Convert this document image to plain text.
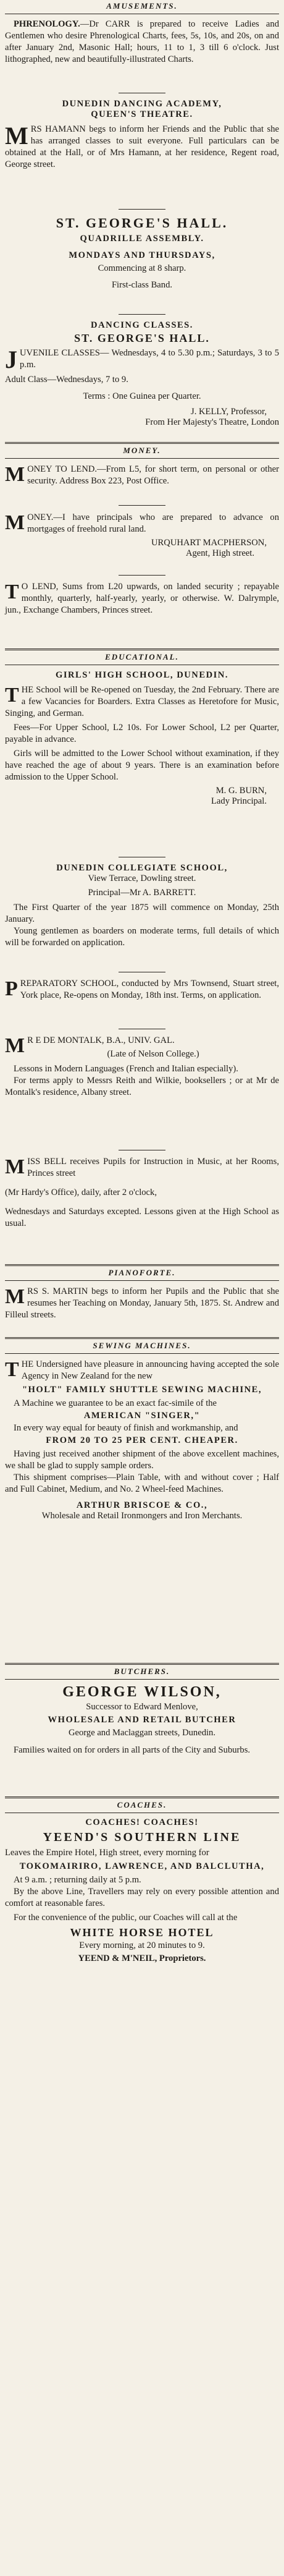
AMUSEMENTS.

PHRENOLOGY.—Dr CARR is prepared to receive Ladies and Gentlemen who desire Phrenological Charts, fees, 5s, 10s, and 20s, on and after January 2nd, Masonic Hall; hours, 11 to 1, 3 till 6 o'clock. Just lithographed, new and beautifully-illustrated Charts.

DUNEDIN DANCING ACADEMY,
QUEEN'S THEATRE.

MRS HAMANN begs to inform her Friends and the Public that she has arranged classes to suit everyone. Full particulars can be obtained at the Hall, or of Mrs Hamann, at her residence, Regent road, George street.

ST. GEORGE'S HALL.
QUADRILLE ASSEMBLY.
MONDAYS AND THURSDAYS,
Commencing at 8 sharp.
First-class Band.
DANCING CLASSES.
ST. GEORGE'S HALL.

JUVENILE CLASSES— Wednesdays, 4 to 5.30 p.m.; Saturdays, 3 to 5 p.m.

Adult Class—Wednesdays, 7 to 9.
Terms : One Guinea per Quarter.
J. KELLY, Professor,
From Her Majesty's Theatre, London
MONEY.

MONEY TO LEND.—From L5, for short term, on personal or other security. Address Box 223, Post Office.

MONEY.—I have principals who are prepared to advance on mortgages of freehold rural land.

URQUHART MACPHERSON,
Agent, High street.

T O LEND, Sums from L20 upwards, on landed security ; repayable monthly, quarterly, half-yearly, yearly, or otherwise. W. Dalrymple, jun., Exchange Chambers, Princes street.

EDUCATIONAL.
GIRLS' HIGH SCHOOL, DUNEDIN.

THE School will be Re-opened on Tuesday, the 2nd February. There are a few Vacancies for Boarders. Extra Classes as Heretofore for Music, Singing, and German.

Fees—For Upper School, L2 10s. For Lower School, L2 per Quarter, payable in advance.

Girls will be admitted to the Lower School without examination, if they have reached the age of about 9 years. There is an examination before admission to the Upper School.

M. G. BURN,
Lady Principal.
DUNEDIN COLLEGIATE SCHOOL,
View Terrace, Dowling street.
Principal—Mr A. BARRETT.

The First Quarter of the year 1875 will commence on Monday, 25th January.

Young gentlemen as boarders on moderate terms, full details of which will be forwarded on application.

PREPARATORY SCHOOL, conducted by Mrs Townsend, Stuart street, York place, Re-opens on Monday, 18th inst. Terms, on application.

M R E DE MONTALK, B.A., UNIV. GAL.

(Late of Nelson College.)

Lessons in Modern Languages (French and Italian especially).

For terms apply to Messrs Reith and Wilkie, booksellers ; or at Mr de Montalk's residence, Albany street.

MISS BELL receives Pupils for Instruction in Music, at her Rooms, Princes street

(Mr Hardy's Office), daily, after 2 o'clock,

Wednesdays and Saturdays excepted. Lessons given at the High School as usual.

PIANOFORTE.

MRS S. MARTIN begs to inform her Pupils and the Public that she resumes her Teaching on Monday, January 5th, 1875. St. Andrew and Filleul streets.

SEWING MACHINES.

THE Undersigned have pleasure in announcing having accepted the sole Agency in New Zealand for the new

"HOLT" FAMILY SHUTTLE SEWING MACHINE,

A Machine we guarantee to be an exact fac-simile of the

AMERICAN "SINGER,"

In every way equal for beauty of finish and workmanship, and

FROM 20 TO 25 PER CENT. CHEAPER.

Having just received another shipment of the above excellent machines, we shall be glad to supply sample orders.

This shipment comprises—Plain Table, with and without cover ; Half and Full Cabinet, Medium, and No. 2 Wheel-feed Machines.

ARTHUR BRISCOE & CO.,
Wholesale and Retail Ironmongers and Iron Merchants.
BUTCHERS.
GEORGE WILSON,
Successor to Edward Menlove,
WHOLESALE AND RETAIL BUTCHER
George and Maclaggan streets, Dunedin.

Families waited on for orders in all parts of the City and Suburbs.

COACHES.
COACHES! COACHES!
YEEND'S SOUTHERN LINE

Leaves the Empire Hotel, High street, every morning for

TOKOMAIRIRO, LAWRENCE, AND BALCLUTHA,

At 9 a.m. ; returning daily at 5 p.m.

By the above Line, Travellers may rely on every possible attention and comfort at reasonable fares.

For the convenience of the public, our Coaches will call at the

WHITE HORSE HOTEL
Every morning, at 20 minutes to 9.
YEEND & M'NEIL, Proprietors.
